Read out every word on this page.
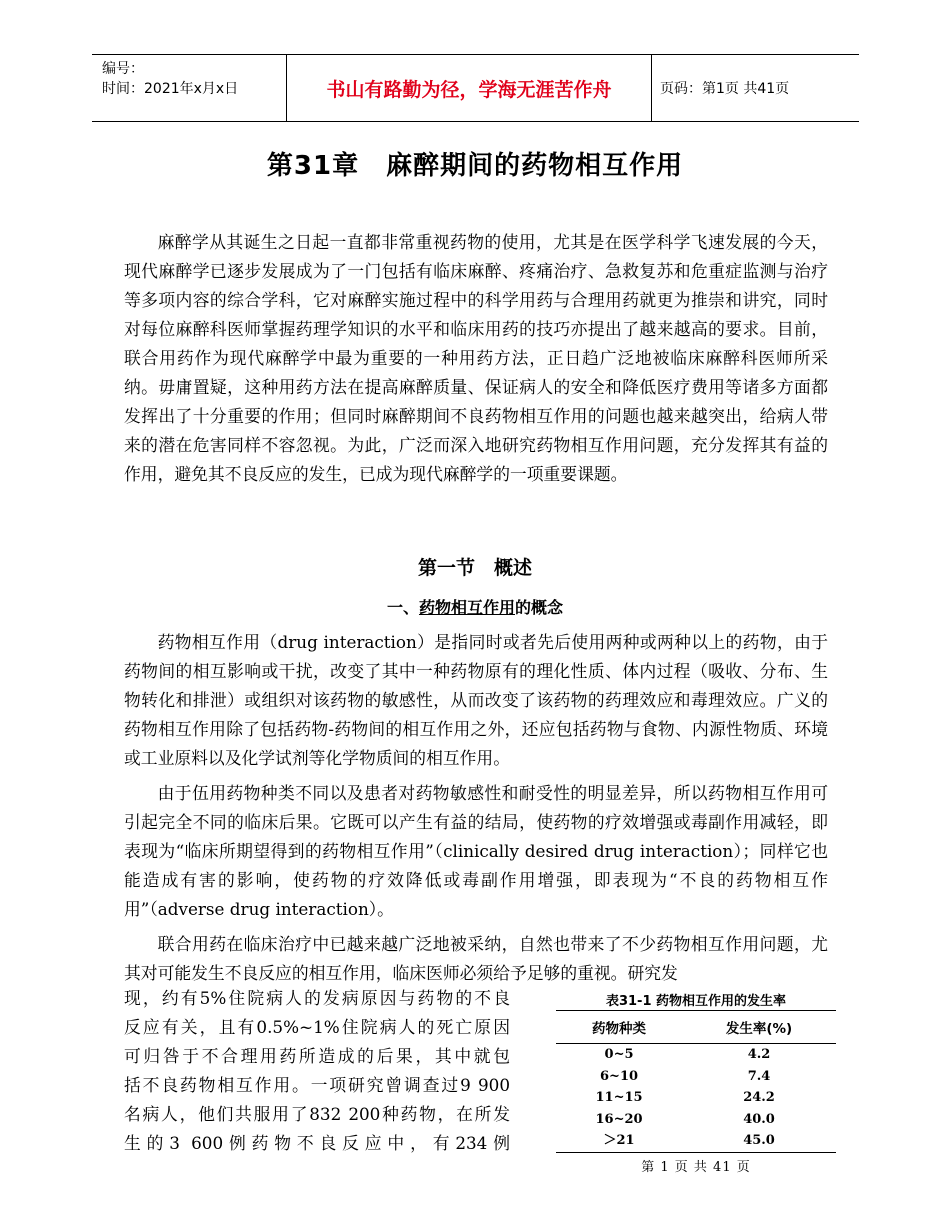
编号：
时间：2021年x月x日	书山有路勤为径，学海无涯苦作舟	页码：第1页 共41页
第31章　麻醉期间的药物相互作用

麻醉学从其诞生之日起一直都非常重视药物的使用，尤其是在医学科学飞速发展的今天，现代麻醉学已逐步发展成为了一门包括有临床麻醉、疼痛治疗、急救复苏和危重症监测与治疗等多项内容的综合学科，它对麻醉实施过程中的科学用药与合理用药就更为推崇和讲究，同时对每位麻醉科医师掌握药理学知识的水平和临床用药的技巧亦提出了越来越高的要求。目前，联合用药作为现代麻醉学中最为重要的一种用药方法，正日趋广泛地被临床麻醉科医师所采纳。毋庸置疑，这种用药方法在提高麻醉质量、保证病人的安全和降低医疗费用等诸多方面都发挥出了十分重要的作用；但同时麻醉期间不良药物相互作用的问题也越来越突出，给病人带来的潜在危害同样不容忽视。为此，广泛而深入地研究药物相互作用问题，充分发挥其有益的作用，避免其不良反应的发生，已成为现代麻醉学的一项重要课题。

第一节　概述
一、药物相互作用的概念

药物相互作用（drug interaction）是指同时或者先后使用两种或两种以上的药物，由于药物间的相互影响或干扰，改变了其中一种药物原有的理化性质、体内过程（吸收、分布、生物转化和排泄）或组织对该药物的敏感性，从而改变了该药物的药理效应和毒理效应。广义的药物相互作用除了包括药物-药物间的相互作用之外，还应包括药物与食物、内源性物质、环境或工业原料以及化学试剂等化学物质间的相互作用。

由于伍用药物种类不同以及患者对药物敏感性和耐受性的明显差异，所以药物相互作用可引起完全不同的临床后果。它既可以产生有益的结局，使药物的疗效增强或毒副作用减轻，即表现为“临床所期望得到的药物相互作用”（clinically desired drug interaction）；同样它也能造成有害的影响，使药物的疗效降低或毒副作用增强，即表现为“不良的药物相互作用”（adverse drug interaction）。

联合用药在临床治疗中已越来越广泛地被采纳，自然也带来了不少药物相互作用问题，尤其对可能发生不良反应的相互作用，临床医师必须给予足够的重视。研究发

现，约有5%住院病人的发病原因与药物的不良
反应有关，且有0.5%~1%住院病人的死亡原因
可归咎于不合理用药所造成的后果，其中就包
括不良药物相互作用。一项研究曾调查过9 900
名病人，他们共服用了832 200种药物，在所发
生的3 600例药物不良反应中，有234例
表31-1 药物相互作用的发生率
药物种类	发生率(%)
0~5	4.2
6~10	7.4
11~15	24.2
16~20	40.0
＞21	45.0
第 1 页 共 41 页
